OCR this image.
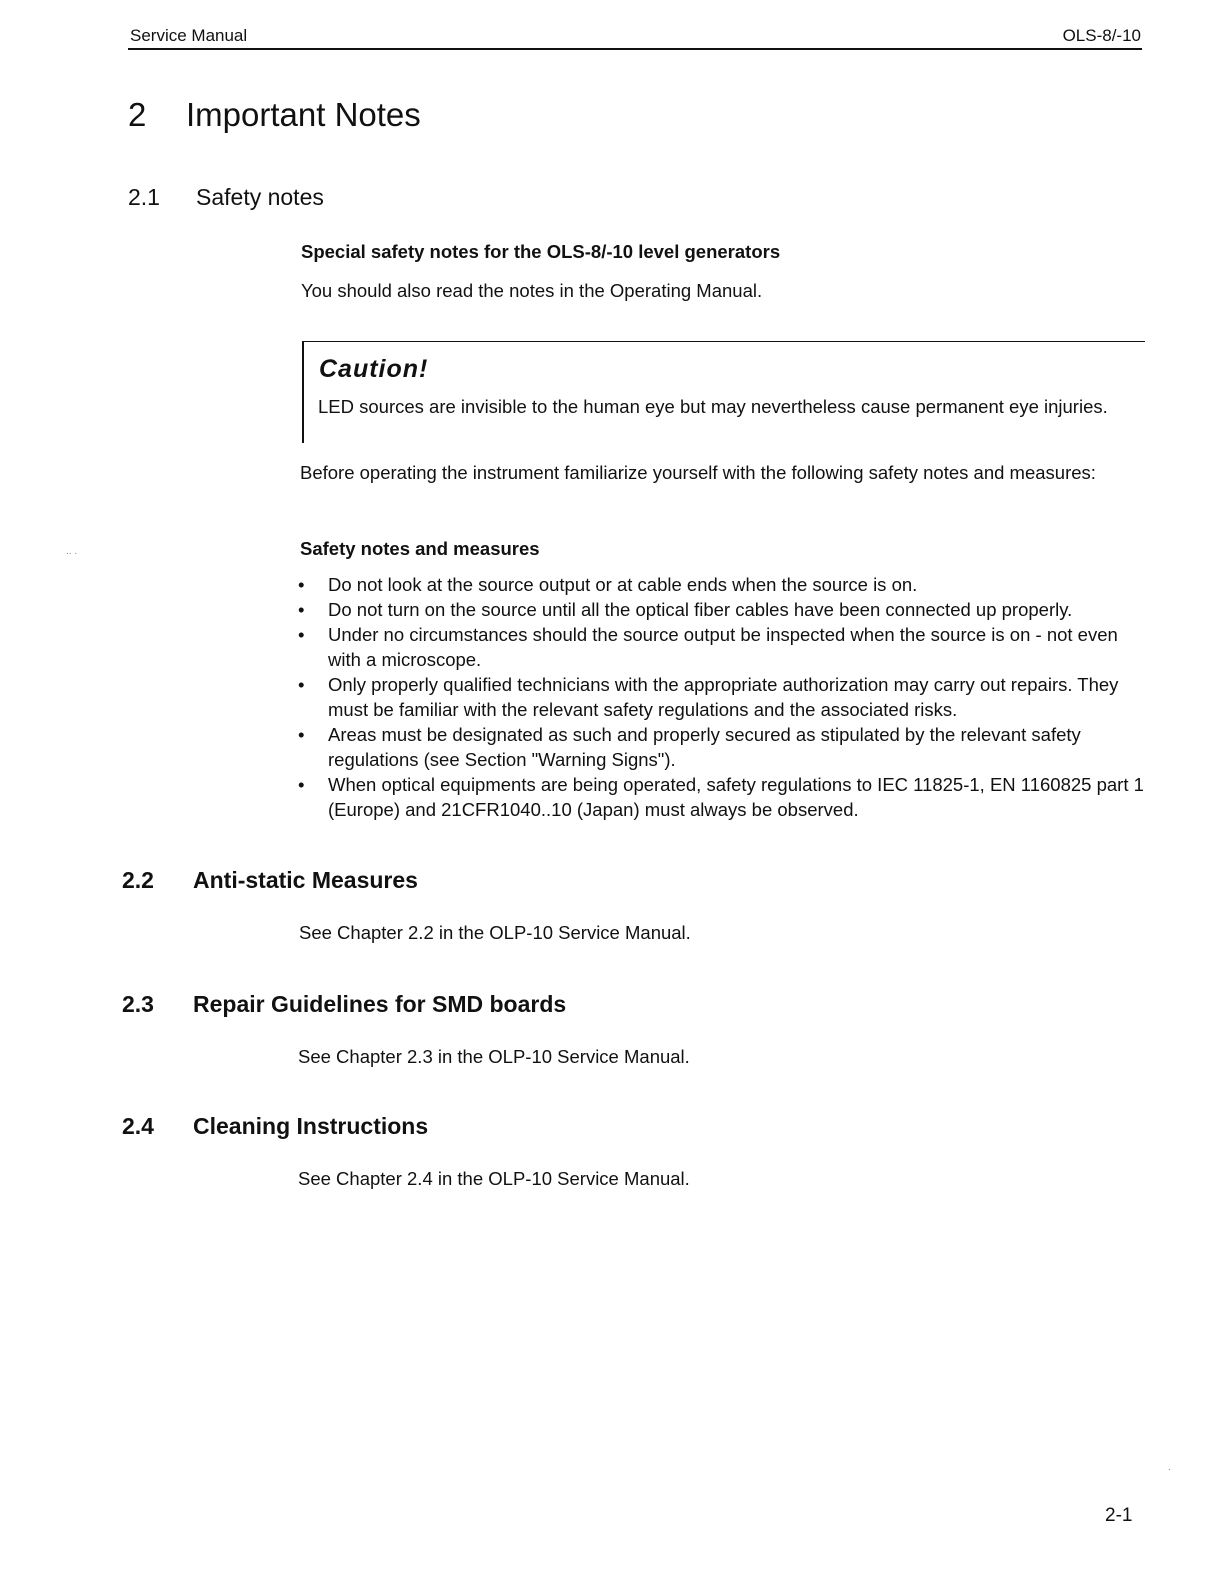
Service Manual	OLS-8/-10
2 Important Notes
2.1 Safety notes
Special safety notes for the OLS-8/-10 level generators
You should also read the notes in the Operating Manual.
Caution!
LED sources are invisible to the human eye but may nevertheless cause permanent eye injuries.
Before operating the instrument familiarize yourself with the following safety notes and measures:
Safety notes and measures
•	Do not look at the source output or at cable ends when the source is on.
•	Do not turn on the source until all the optical fiber cables have been connected up properly.
•	Under no circumstances should the source output be inspected when the source is on - not even with a microscope.
•	Only properly qualified technicians with the appropriate authorization may carry out repairs. They must be familiar with the relevant safety regulations and the associated risks.
•	Areas must be designated as such and properly secured as stipulated by the relevant safety regulations (see Section "Warning Signs").
•	When optical equipments are being operated, safety regulations to IEC 11825-1, EN 1160825 part 1 (Europe) and 21CFR1040..10 (Japan) must always be observed.
2.2 Anti-static Measures
See Chapter 2.2 in the OLP-10 Service Manual.
2.3 Repair Guidelines for SMD boards
See Chapter 2.3 in the OLP-10 Service Manual.
2.4 Cleaning Instructions
See Chapter 2.4 in the OLP-10 Service Manual.
2-1
.. .
.
